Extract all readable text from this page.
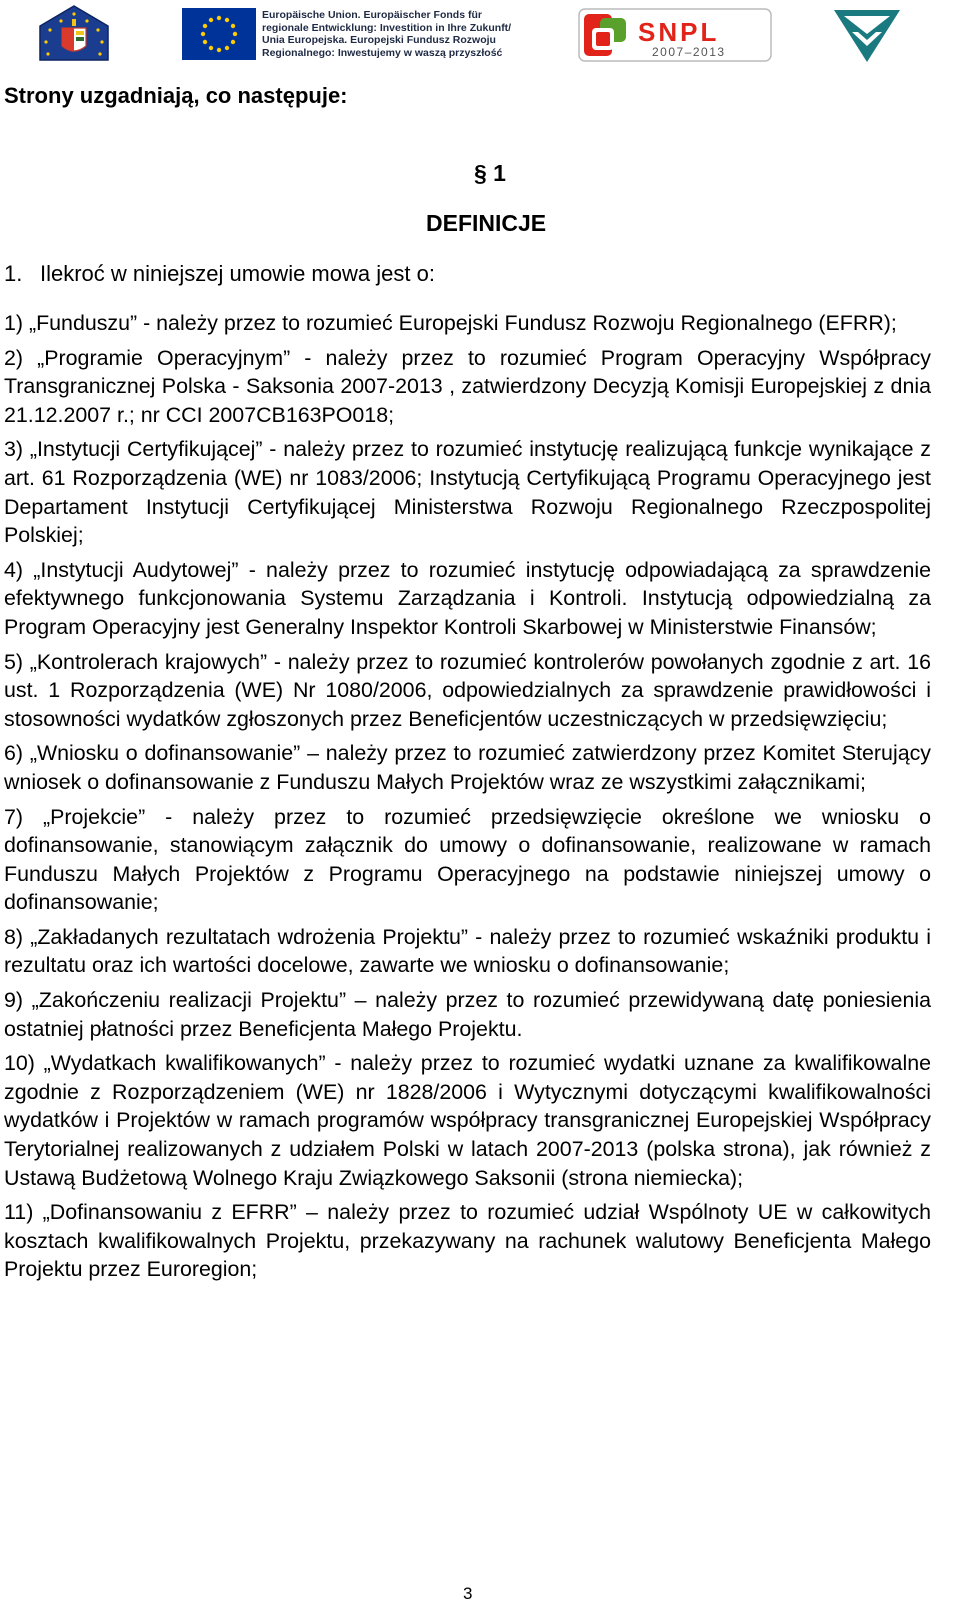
Europäische Union. Europäischer Fonds für
regionale Entwicklung: Investition in Ihre Zukunft/
Unia Europejska. Europejski Fundusz Rozwoju
Regionalnego: Inwestujemy w waszą przyszłość
SNPL
2007–2013
Strony uzgadniają, co następuje:
§ 1
DEFINICJE
1. Ilekroć w niniejszej umowie mowa jest o:

1) „Funduszu” - należy przez to rozumieć Europejski Fundusz Rozwoju Regionalnego (EFRR);

2) „Programie Operacyjnym” - należy przez to rozumieć Program Operacyjny Współpracy Transgranicznej Polska - Saksonia 2007-2013 , zatwierdzony Decyzją Komisji Europejskiej z dnia 21.12.2007 r.; nr CCI 2007CB163PO018;

3) „Instytucji Certyfikującej” - należy przez to rozumieć instytucję realizującą funkcje wynikające z art. 61 Rozporządzenia (WE) nr 1083/2006; Instytucją Certyfikującą Programu Operacyjnego jest Departament Instytucji Certyfikującej Ministerstwa Rozwoju Regionalnego Rzeczpospolitej Polskiej;

4) „Instytucji Audytowej” - należy przez to rozumieć instytucję odpowiadającą za sprawdzenie efektywnego funkcjonowania Systemu Zarządzania i Kontroli. Instytucją odpowiedzialną za Program Operacyjny jest Generalny Inspektor Kontroli Skarbowej w Ministerstwie Finansów;

5) „Kontrolerach krajowych” - należy przez to rozumieć kontrolerów powołanych zgodnie z art. 16 ust. 1 Rozporządzenia (WE) Nr 1080/2006, odpowiedzialnych za sprawdzenie prawidłowości i stosowności wydatków zgłoszonych przez Beneficjentów uczestniczących w przedsięwzięciu;

6) „Wniosku o dofinansowanie” – należy przez to rozumieć zatwierdzony przez Komitet Sterujący wniosek o dofinansowanie z Funduszu Małych Projektów wraz ze wszystkimi załącznikami;

7) „Projekcie” - należy przez to rozumieć przedsięwzięcie określone we wniosku o dofinansowanie, stanowiącym załącznik do umowy o dofinansowanie, realizowane w ramach Funduszu Małych Projektów z Programu Operacyjnego na podstawie niniejszej umowy o dofinansowanie;

8) „Zakładanych rezultatach wdrożenia Projektu” - należy przez to rozumieć wskaźniki produktu i rezultatu oraz ich wartości docelowe, zawarte we wniosku o dofinansowanie;

9) „Zakończeniu realizacji Projektu” – należy przez to rozumieć przewidywaną datę poniesienia ostatniej płatności przez Beneficjenta Małego Projektu.

10) „Wydatkach kwalifikowanych” - należy przez to rozumieć wydatki uznane za kwalifikowalne zgodnie z Rozporządzeniem (WE) nr 1828/2006 i Wytycznymi dotyczącymi kwalifikowalności wydatków i Projektów w ramach programów współpracy transgranicznej Europejskiej Współpracy Terytorialnej realizowanych z udziałem Polski w latach 2007-2013 (polska strona), jak również z Ustawą Budżetową Wolnego Kraju Związkowego Saksonii (strona niemiecka);

11) „Dofinansowaniu z EFRR” – należy przez to rozumieć udział Wspólnoty UE w całkowitych kosztach kwalifikowalnych Projektu, przekazywany na rachunek walutowy Beneficjenta Małego Projektu przez Euroregion;

3
